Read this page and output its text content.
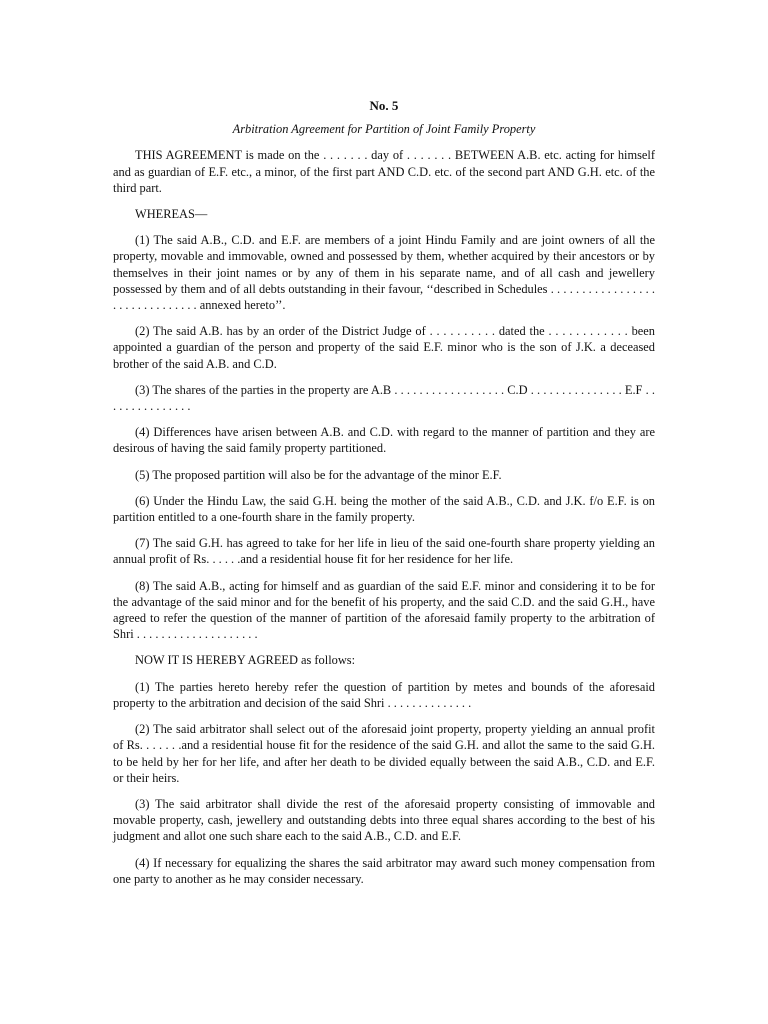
No. 5
Arbitration Agreement for Partition of Joint Family Property

THIS AGREEMENT is made on the . . . . . . . day of . . . . . . . BETWEEN A.B. etc. acting for himself and as guardian of E.F. etc., a minor, of the first part AND C.D. etc. of the second part AND G.H. etc. of the third part.

WHEREAS—

(1) The said A.B., C.D. and E.F. are members of a joint Hindu Family and are joint owners of all the property, movable and immovable, owned and possessed by them, whether acquired by their ancestors or by themselves in their joint names or by any of them in his separate name, and of all cash and jewellery possessed by them and of all debts outstanding in their favour, ‘‘described in Schedules . . . . . . . . . . . . . . . . . . . . . . . . . . . . . . . annexed hereto’’.

(2) The said A.B. has by an order of the District Judge of . . . . . . . . . . dated the . . . . . . . . . . . . been appointed a guardian of the person and property of the said E.F. minor who is the son of J.K. a deceased brother of the said A.B. and C.D.

(3) The shares of the parties in the property are A.B . . . . . . . . . . . . . . . . . . C.D . . . . . . . . . . . . . . . E.F . . . . . . . . . . . . . . .

(4) Differences have arisen between A.B. and C.D. with regard to the manner of partition and they are desirous of having the said family property partitioned.

(5) The proposed partition will also be for the advantage of the minor E.F.

(6) Under the Hindu Law, the said G.H. being the mother of the said A.B., C.D. and J.K. f/o E.F. is on partition entitled to a one-fourth share in the family property.

(7) The said G.H. has agreed to take for her life in lieu of the said one-fourth share property yielding an annual profit of Rs. . . . . .and a residential house fit for her residence for her life.

(8) The said A.B., acting for himself and as guardian of the said E.F. minor and considering it to be for the advantage of the said minor and for the benefit of his property, and the said C.D. and the said G.H., have agreed to refer the question of the manner of partition of the aforesaid family property to the arbitration of Shri . . . . . . . . . . . . . . . . . . . .

NOW IT IS HEREBY AGREED as follows:

(1) The parties hereto hereby refer the question of partition by metes and bounds of the aforesaid property to the arbitration and decision of the said Shri . . . . . . . . . . . . . .

(2) The said arbitrator shall select out of the aforesaid joint property, property yielding an annual profit of Rs. . . . . . .and a residential house fit for the residence of the said G.H. and allot the same to the said G.H. to be held by her for her life, and after her death to be divided equally between the said A.B., C.D. and E.F. or their heirs.

(3) The said arbitrator shall divide the rest of the aforesaid property consisting of immovable and movable property, cash, jewellery and outstanding debts into three equal shares according to the best of his judgment and allot one such share each to the said A.B., C.D. and E.F.

(4) If necessary for equalizing the shares the said arbitrator may award such money compensation from one party to another as he may consider necessary.
